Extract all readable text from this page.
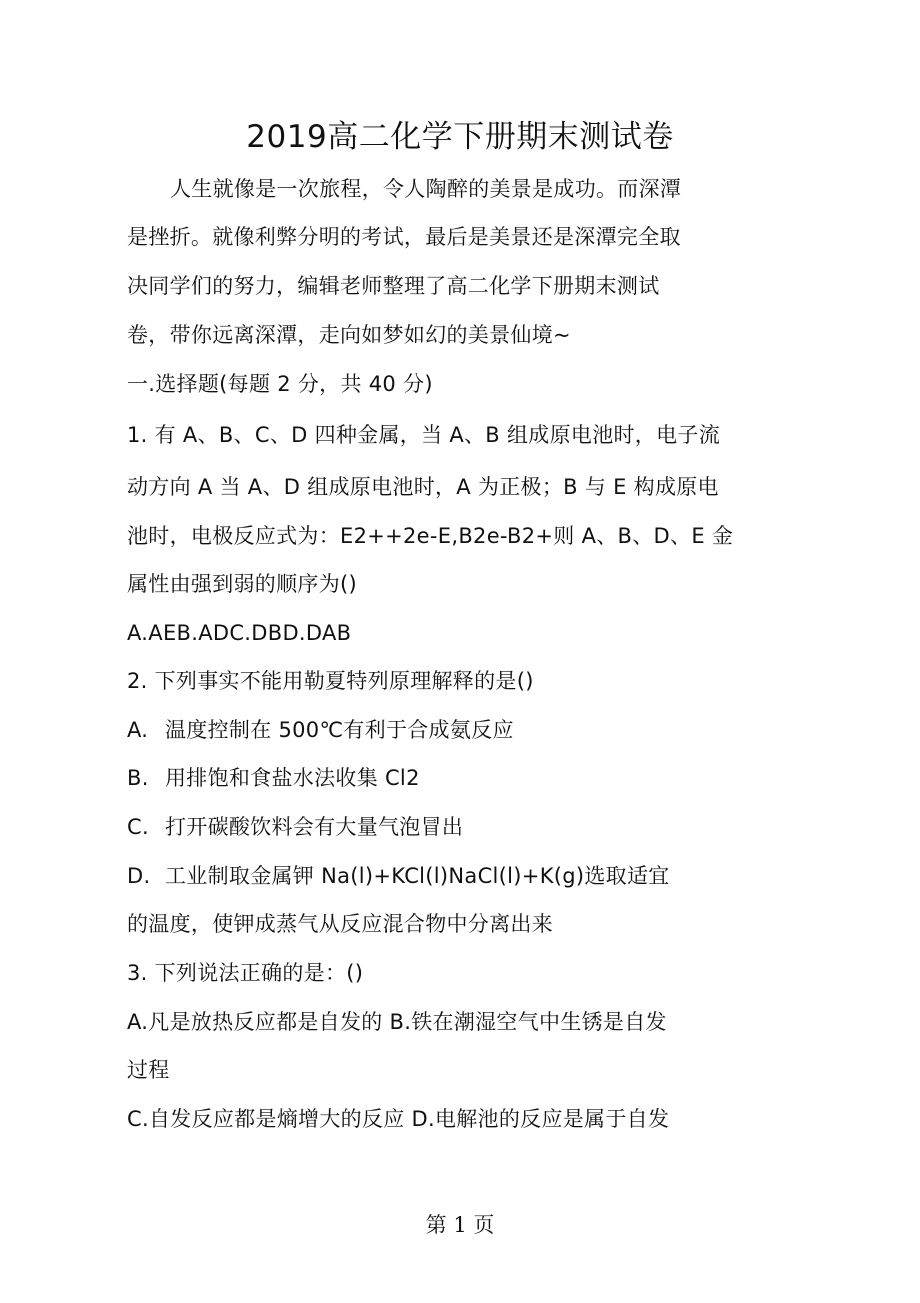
2019高二化学下册期末测试卷
人生就像是一次旅程，令人陶醉的美景是成功。而深潭
是挫折。就像利弊分明的考试，最后是美景还是深潭完全取
决同学们的努力，编辑老师整理了高二化学下册期末测试
卷，带你远离深潭，走向如梦如幻的美景仙境~
一.选择题(每题 2 分，共 40 分)
1. 有 A、B、C、D 四种金属，当 A、B 组成原电池时，电子流
动方向 A 当 A、D 组成原电池时，A 为正极；B 与 E 构成原电
池时，电极反应式为：E2++2e-E,B2e-B2+则 A、B、D、E 金
属性由强到弱的顺序为()
A.AEB.ADC.DBD.DAB
2. 下列事实不能用勒夏特列原理解释的是()
A. 温度控制在 500℃有利于合成氨反应
B. 用排饱和食盐水法收集 Cl2
C. 打开碳酸饮料会有大量气泡冒出
D. 工业制取金属钾 Na(l)+KCl(l)NaCl(l)+K(g)选取适宜
的温度，使钾成蒸气从反应混合物中分离出来
3. 下列说法正确的是：()
A.凡是放热反应都是自发的 B.铁在潮湿空气中生锈是自发
过程
C.自发反应都是熵增大的反应 D.电解池的反应是属于自发
第 1 页
